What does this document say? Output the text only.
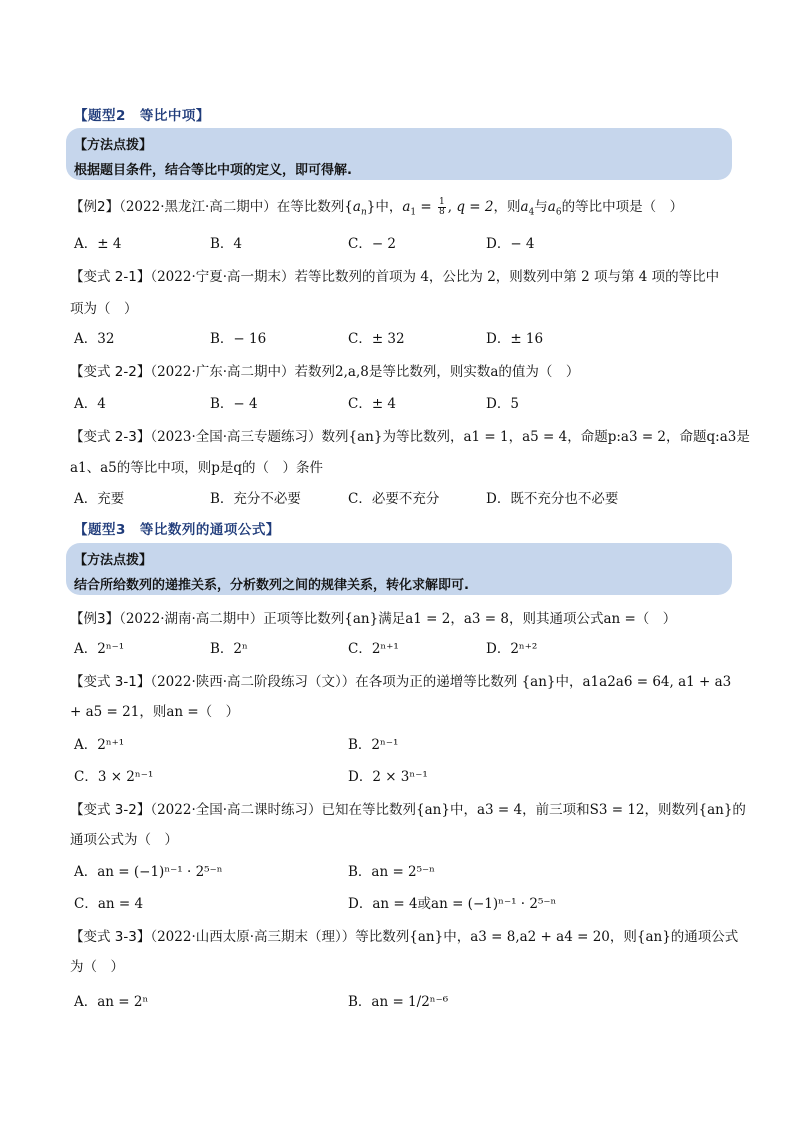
【题型2　等比中项】
【方法点拨】
根据题目条件，结合等比中项的定义，即可得解.
【例2】（2022·黑龙江·高二期中）在等比数列$\{a_n\}$中，$a_1 = \frac{1}{8}$ , q = 2，则$a_4$与$a_6$的等比中项是（　）
A．± 4	B．4	C．− 2	D．− 4
【变式 2-1】（2022·宁夏·高一期末）若等比数列的首项为 4，公比为 2，则数列中第 2 项与第 4 项的等比中
项为（　）
A．32	B．− 16	C．± 32	D．± 16
【变式 2-2】（2022·广东·高二期中）若数列2,a,8是等比数列，则实数a的值为（　）
A．4	B．− 4	C．± 4	D．5
【变式 2-3】（2023·全国·高三专题练习）数列{an}为等比数列，a1 = 1，a5 = 4，命题p:a3 = 2，命题q:a3是
a1、a5的等比中项，则p是q的（　）条件
A．充要	B．充分不必要	C．必要不充分	D．既不充分也不必要
【题型3　等比数列的通项公式】
【方法点拨】
结合所给数列的递推关系，分析数列之间的规律关系，转化求解即可.
【例3】（2022·湖南·高二期中）正项等比数列{an}满足a1 = 2，a3 = 8，则其通项公式an =（　）
A．2ⁿ⁻¹	B．2ⁿ	C．2ⁿ⁺¹	D．2ⁿ⁺²
【变式 3-1】（2022·陕西·高二阶段练习（文））在各项为正的递增等比数列 {an}中，a1a2a6 = 64, a1 + a3
+ a5 = 21，则an =（　）
A．2ⁿ⁺¹	B．2ⁿ⁻¹
C．3 × 2ⁿ⁻¹	D．2 × 3ⁿ⁻¹
【变式 3-2】（2022·全国·高二课时练习）已知在等比数列{an}中，a3 = 4，前三项和S3 = 12，则数列{an}的
通项公式为（　）
A．an = (−1)ⁿ⁻¹ · 2⁵⁻ⁿ	B．an = 2⁵⁻ⁿ
C．an = 4	D．an = 4或an = (−1)ⁿ⁻¹ · 2⁵⁻ⁿ
【变式 3-3】（2022·山西太原·高三期末（理））等比数列{an}中，a3 = 8,a2 + a4 = 20，则{an}的通项公式
为（　）
A．an = 2ⁿ	B．an = 1/2ⁿ⁻⁶
